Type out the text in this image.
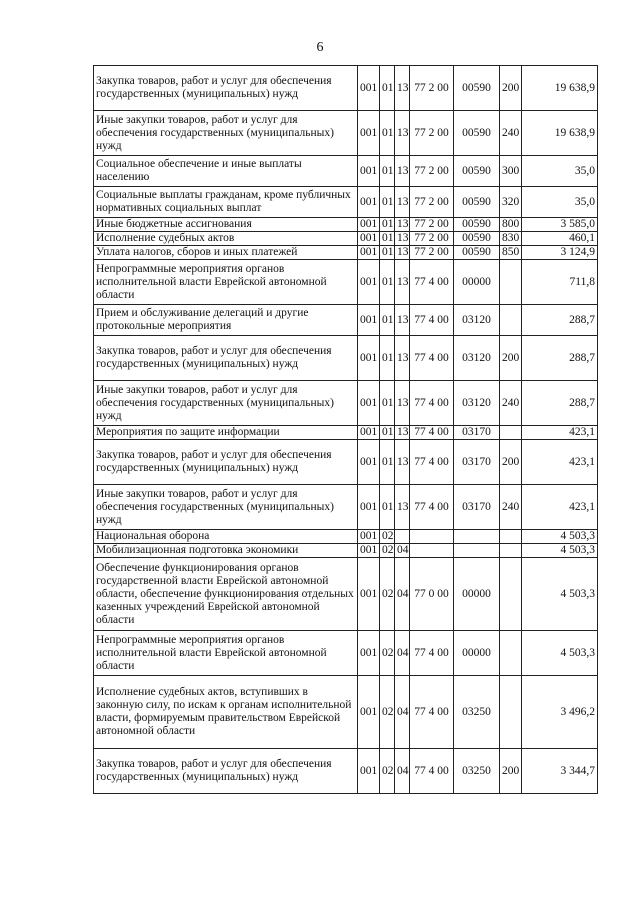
6
Закупка товаров, работ и услуг для обеспечения государственных (муниципальных) нужд	001	01	13	77 2 00	00590	200	19 638,9
Иные закупки товаров, работ и услуг для обеспечения государственных (муниципальных) нужд	001	01	13	77 2 00	00590	240	19 638,9
Социальное обеспечение и иные выплаты населению	001	01	13	77 2 00	00590	300	35,0
Социальные выплаты гражданам, кроме публичных нормативных социальных выплат	001	01	13	77 2 00	00590	320	35,0
Иные бюджетные ассигнования	001	01	13	77 2 00	00590	800	3 585,0
Исполнение судебных актов	001	01	13	77 2 00	00590	830	460,1
Уплата налогов, сборов и иных платежей	001	01	13	77 2 00	00590	850	3 124,9
Непрограммные мероприятия органов исполнительной власти Еврейской автономной области	001	01	13	77 4 00	00000		711,8
Прием и обслуживание делегаций и другие протокольные мероприятия	001	01	13	77 4 00	03120		288,7
Закупка товаров, работ и услуг для обеспечения государственных (муниципальных) нужд	001	01	13	77 4 00	03120	200	288,7
Иные закупки товаров, работ и услуг для обеспечения государственных (муниципальных) нужд	001	01	13	77 4 00	03120	240	288,7
Мероприятия по защите информации	001	01	13	77 4 00	03170		423,1
Закупка товаров, работ и услуг для обеспечения государственных (муниципальных) нужд	001	01	13	77 4 00	03170	200	423,1
Иные закупки товаров, работ и услуг для обеспечения государственных (муниципальных) нужд	001	01	13	77 4 00	03170	240	423,1
Национальная оборона	001	02					4 503,3
Мобилизационная подготовка экономики	001	02	04				4 503,3
Обеспечение функционирования органов государственной власти Еврейской автономной области, обеспечение функционирования отдельных казенных учреждений Еврейской автономной области	001	02	04	77 0 00	00000		4 503,3
Непрограммные мероприятия органов исполнительной власти Еврейской автономной области	001	02	04	77 4 00	00000		4 503,3
Исполнение судебных актов, вступивших в законную силу, по искам к органам исполнительной власти, формируемым правительством Еврейской автономной области	001	02	04	77 4 00	03250		3 496,2
Закупка товаров, работ и услуг для обеспечения государственных (муниципальных) нужд	001	02	04	77 4 00	03250	200	3 344,7
